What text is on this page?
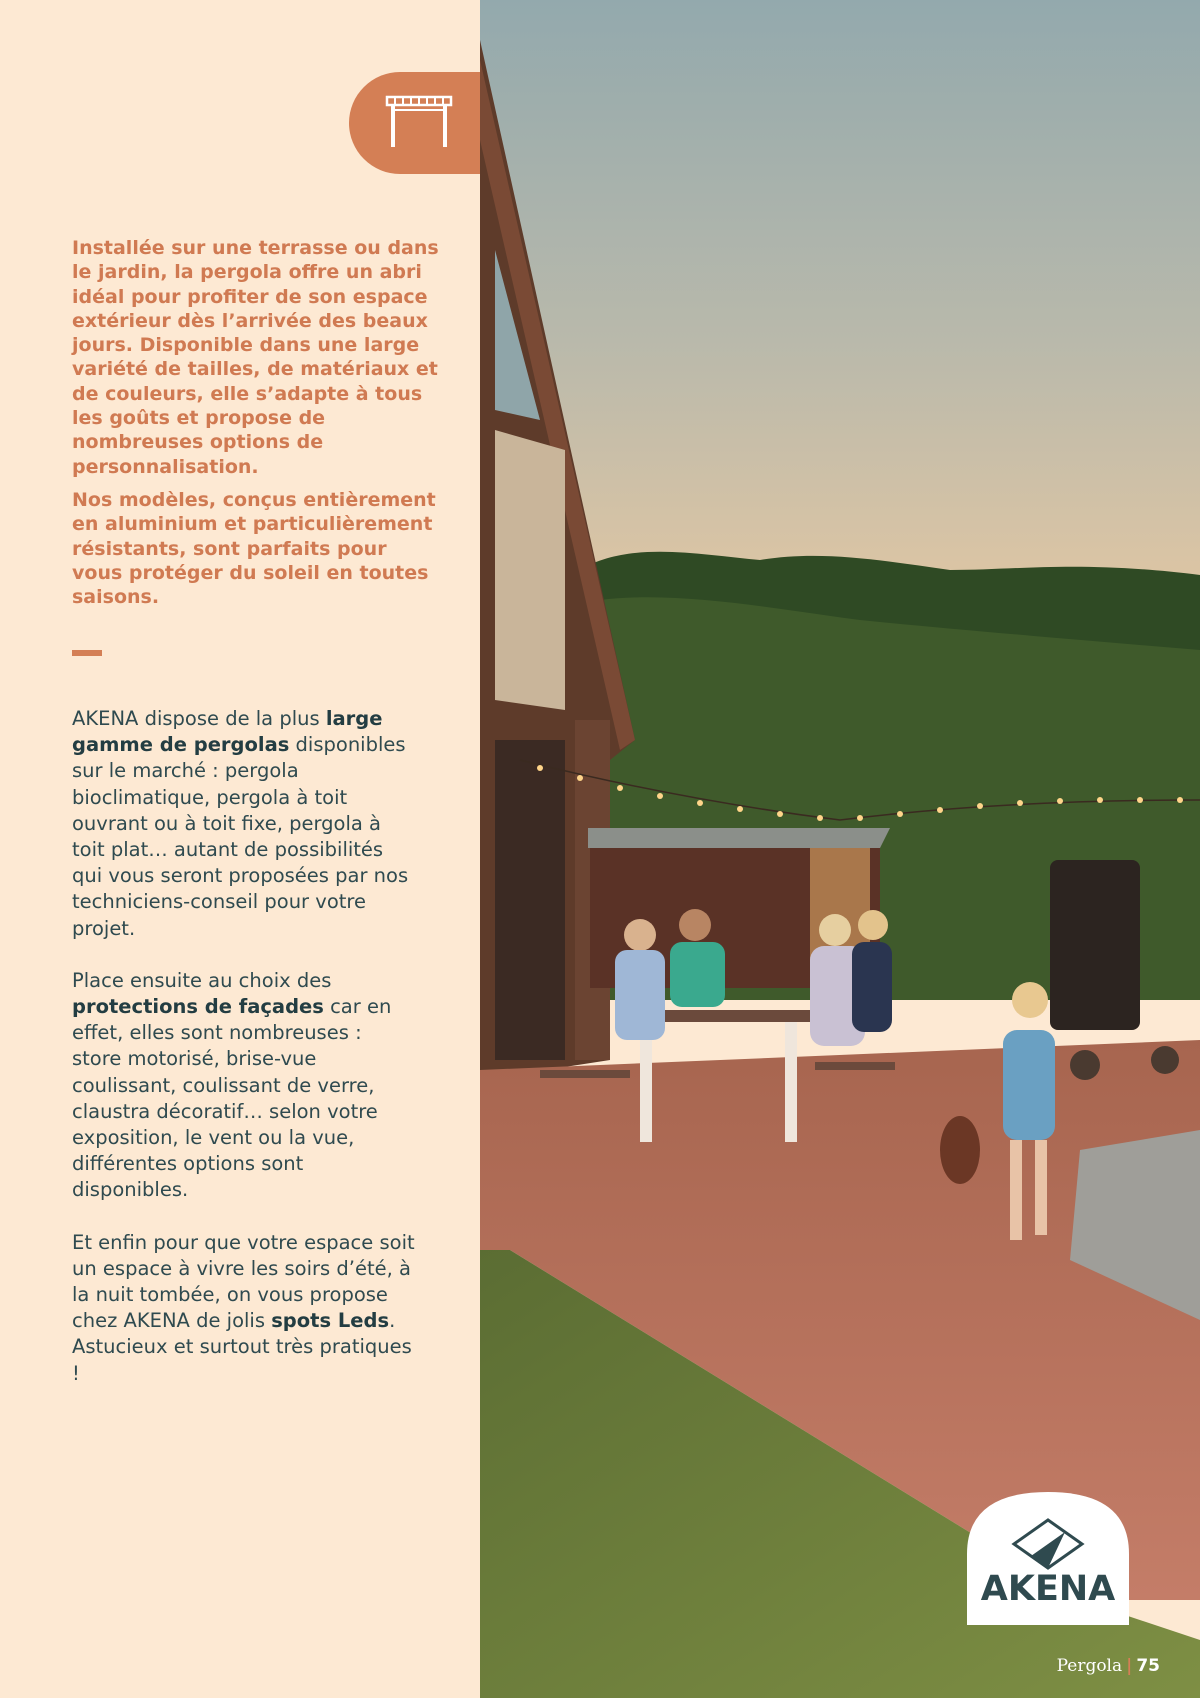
Installée sur une terrasse ou dans le jardin, la pergola offre un abri idéal pour profiter de son espace extérieur dès l’arrivée des beaux jours. Disponible dans une large variété de tailles, de matériaux et de couleurs, elle s’adapte à tous les goûts et propose de nombreuses options de personnalisation.

Nos modèles, conçus entièrement en aluminium et particulièrement résistants, sont parfaits pour vous protéger du soleil en toutes saisons.

AKENA dispose de la plus large gamme de pergolas disponibles sur le marché : pergola bioclimatique, pergola à toit ouvrant ou à toit fixe, pergola à toit plat… autant de possibilités qui vous seront proposées par nos techniciens-conseil pour votre projet.

Place ensuite au choix des protections de façades car en effet, elles sont nombreuses : store motorisé, brise-vue coulissant, coulissant de verre, claustra décoratif… selon votre exposition, le vent ou la vue, différentes options sont disponibles.

Et enfin pour que votre espace soit un espace à vivre les soirs d’été, à la nuit tombée, on vous propose chez AKENA de jolis spots Leds. Astucieux et surtout très pratiques !

AKENA
Pergola | 75
